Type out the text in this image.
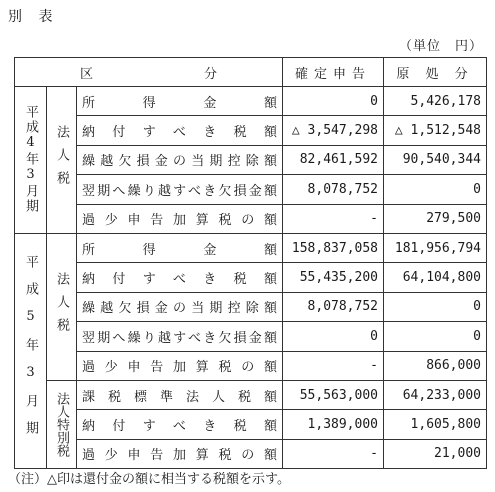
別 表
（単位　円）
区 分			確定申告	原 処 分
平成4年3月期	法人税	所得金額	0	5,426,178
		納付すべき税額	△ 3,547,298	△ 1,512,548
		繰越欠損金の当期控除額	82,461,592	90,540,344
		翌期へ繰り越すべき欠損金額	8,078,752	0
		過少申告加算税の額	-	279,500
平成5年3月期	法人税	所得金額	158,837,058	181,956,794
		納付すべき税額	55,435,200	64,104,800
		繰越欠損金の当期控除額	8,078,752	0
		翌期へ繰り越すべき欠損金額	0	0
		過少申告加算税の額	-	866,000
	法人特別税	課税標準法人税額	55,563,000	64,233,000
		納付すべき税額	1,389,000	1,605,800
		過少申告加算税の額	-	21,000
（注）△印は還付金の額に相当する税額を示す。
